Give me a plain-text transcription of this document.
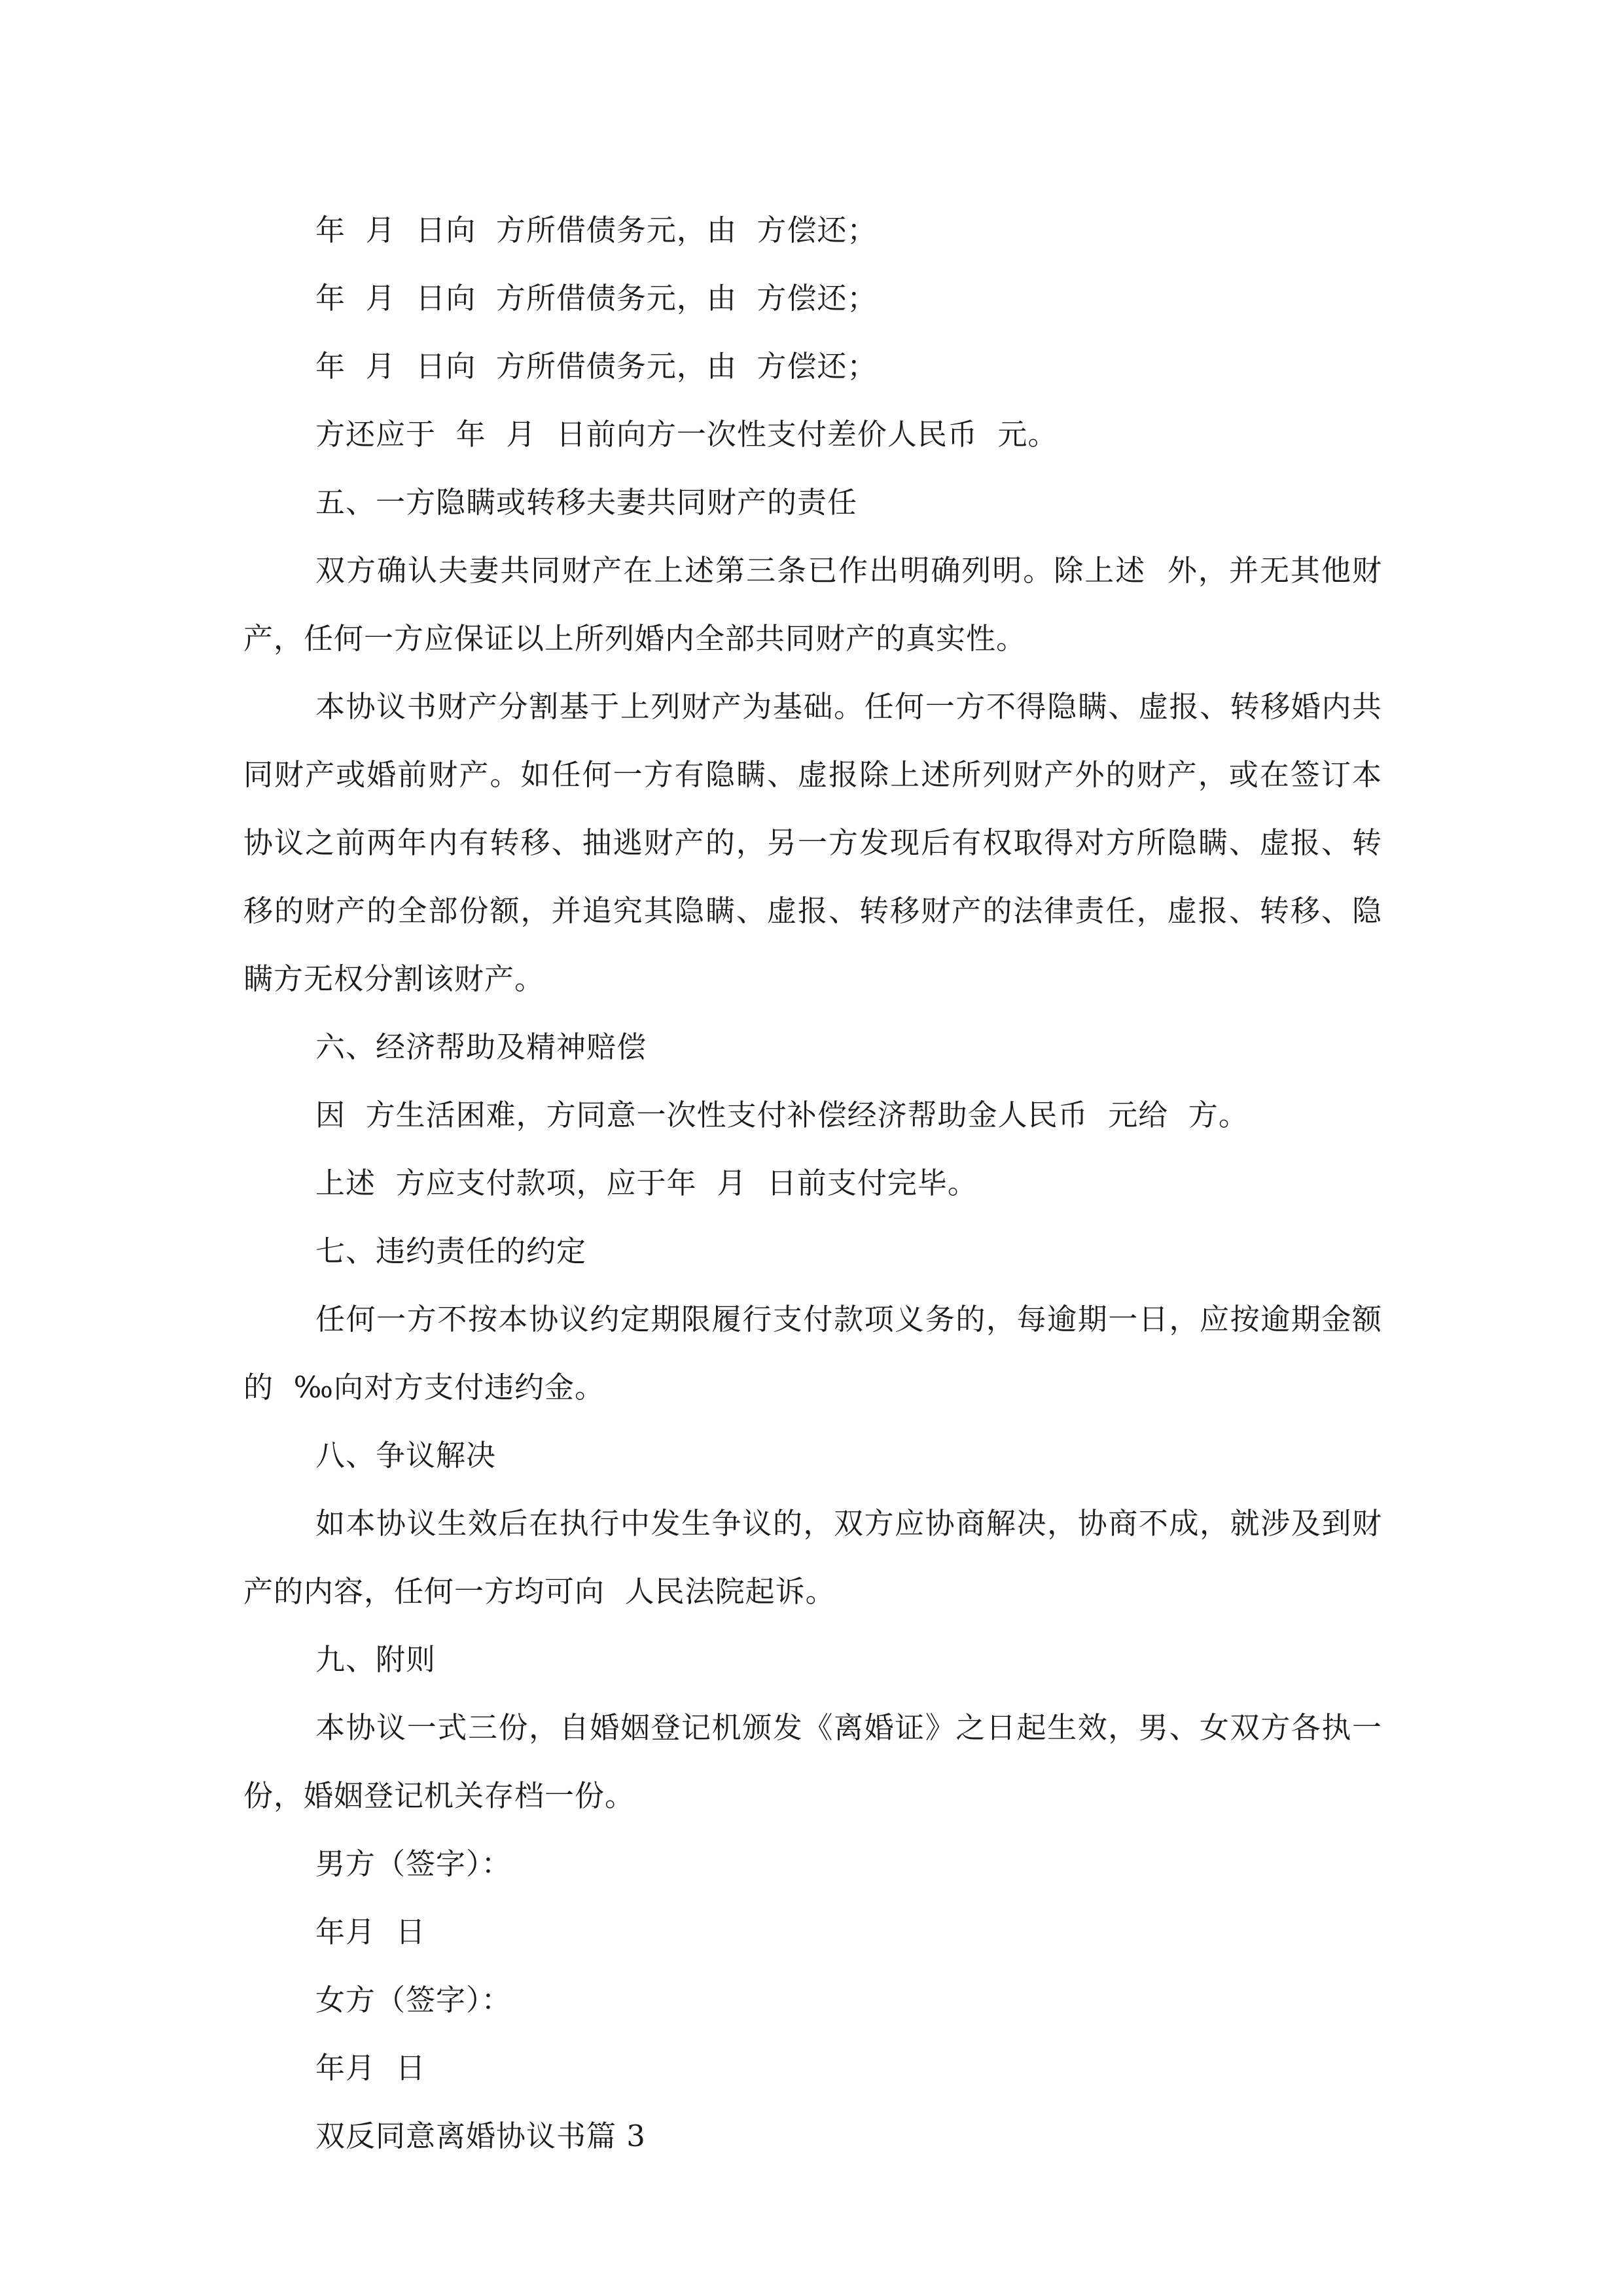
年  月  日向  方所借债务元，由  方偿还；

年  月  日向  方所借债务元，由  方偿还；

年  月  日向  方所借债务元，由  方偿还；

方还应于  年  月  日前向方一次性支付差价人民币  元。

五、一方隐瞒或转移夫妻共同财产的责任

双方确认夫妻共同财产在上述第三条已作出明确列明。除上述  外，并无其他财产，任何一方应保证以上所列婚内全部共同财产的真实性。

本协议书财产分割基于上列财产为基础。任何一方不得隐瞒、虚报、转移婚内共同财产或婚前财产。如任何一方有隐瞒、虚报除上述所列财产外的财产，或在签订本协议之前两年内有转移、抽逃财产的，另一方发现后有权取得对方所隐瞒、虚报、转移的财产的全部份额，并追究其隐瞒、虚报、转移财产的法律责任，虚报、转移、隐瞒方无权分割该财产。

六、经济帮助及精神赔偿

因  方生活困难，方同意一次性支付补偿经济帮助金人民币  元给  方。

上述  方应支付款项，应于年  月  日前支付完毕。

七、违约责任的约定

任何一方不按本协议约定期限履行支付款项义务的，每逾期一日，应按逾期金额的  ‰向对方支付违约金。

八、争议解决

如本协议生效后在执行中发生争议的，双方应协商解决，协商不成，就涉及到财产的内容，任何一方均可向  人民法院起诉。

九、附则

本协议一式三份，自婚姻登记机颁发《离婚证》之日起生效，男、女双方各执一份，婚姻登记机关存档一份。

男方（签字）：

年月  日

女方（签字）：

年月  日

双反同意离婚协议书篇 3
